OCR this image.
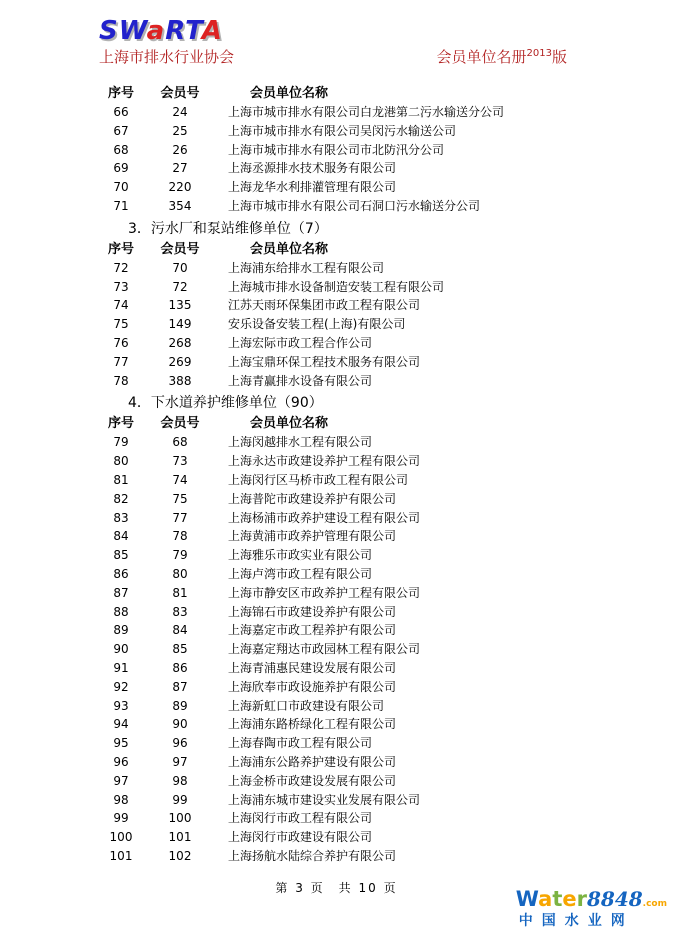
SWaRTA
上海市排水行业协会	会员单位名册$^{2013}$版
序号	会员号	会员单位名称
66	24	上海市城市排水有限公司白龙港第二污水输送分公司
67	25	上海市城市排水有限公司吴闵污水输送公司
68	26	上海市城市排水有限公司市北防汛分公司
69	27	上海丞源排水技术服务有限公司
70	220	上海龙华水利排灌管理有限公司
71	354	上海市城市排水有限公司石洞口污水输送分公司
3．污水厂和泵站维修单位（7）
序号	会员号	会员单位名称
72	70	上海浦东给排水工程有限公司
73	72	上海城市排水设备制造安装工程有限公司
74	135	江苏天雨环保集团市政工程有限公司
75	149	安乐设备安装工程(上海)有限公司
76	268	上海宏际市政工程合作公司
77	269	上海宝鼎环保工程技术服务有限公司
78	388	上海青赢排水设备有限公司
4．下水道养护维修单位（90）
序号	会员号	会员单位名称
79	68	上海闵越排水工程有限公司
80	73	上海永达市政建设养护工程有限公司
81	74	上海闵行区马桥市政工程有限公司
82	75	上海普陀市政建设养护有限公司
83	77	上海杨浦市政养护建设工程有限公司
84	78	上海黄浦市政养护管理有限公司
85	79	上海雅乐市政实业有限公司
86	80	上海卢湾市政工程有限公司
87	81	上海市静安区市政养护工程有限公司
88	83	上海锦石市政建设养护有限公司
89	84	上海嘉定市政工程养护有限公司
90	85	上海嘉定翔达市政园林工程有限公司
91	86	上海青浦惠民建设发展有限公司
92	87	上海欣奉市政设施养护有限公司
93	89	上海新虹口市政建设有限公司
94	90	上海浦东路桥绿化工程有限公司
95	96	上海春陶市政工程有限公司
96	97	上海浦东公路养护建设有限公司
97	98	上海金桥市政建设发展有限公司
98	99	上海浦东城市建设实业发展有限公司
99	100	上海闵行市政工程有限公司
100	101	上海闵行市政建设有限公司
101	102	上海扬航水陆综合养护有限公司
第 3 页　共 10 页	Water8848.com
中国水业网
